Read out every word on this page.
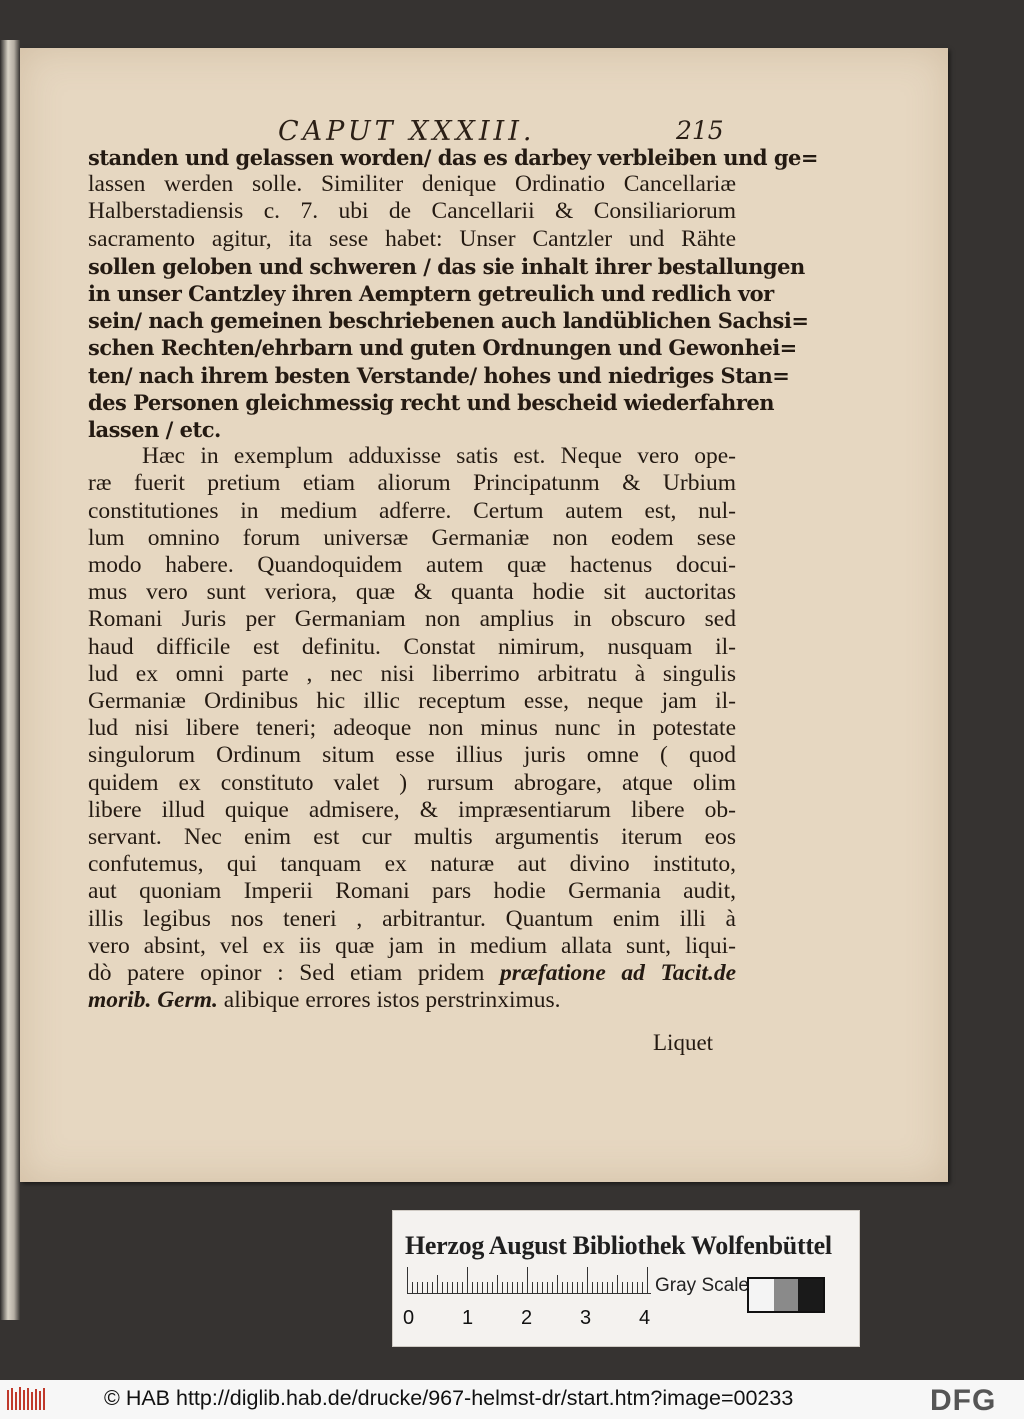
CAPUT XXXIII.	215
standen und gelassen worden/ das es darbey verbleiben und ge=
lassen werden solle. Similiter denique Ordinatio Cancellariæ
Halberstadiensis c. 7. ubi de Cancellarii & Consiliariorum
sacramento agitur, ita sese habet: Unser Cantzler und Rähte
sollen geloben und schweren / das sie inhalt ihrer bestallungen
in unser Cantzley ihren Aemptern getreulich und redlich vor
sein/ nach gemeinen beschriebenen auch landüblichen Sachsi=
schen Rechten/ehrbarn und guten Ordnungen und Gewonhei=
ten/ nach ihrem besten Verstande/ hohes und niedriges Stan=
des Personen gleichmessig recht und bescheid wiederfahren
lassen / etc.
Hæc in exemplum adduxisse satis est. Neque vero ope-
ræ fuerit pretium etiam aliorum Principatunm & Urbium
constitutiones in medium adferre. Certum autem est, nul-
lum omnino forum universæ Germaniæ non eodem sese
modo habere. Quandoquidem autem quæ hactenus docui-
mus vero sunt veriora, quæ & quanta hodie sit auctoritas
Romani Juris per Germaniam non amplius in obscuro sed
haud difficile est definitu. Constat nimirum, nusquam il-
lud ex omni parte , nec nisi liberrimo arbitratu à singulis
Germaniæ Ordinibus hic illic receptum esse, neque jam il-
lud nisi libere teneri; adeoque non minus nunc in potestate
singulorum Ordinum situm esse illius juris omne ( quod
quidem ex constituto valet ) rursum abrogare, atque olim
libere illud quique admisere, & impræsentiarum libere ob-
servant. Nec enim est cur multis argumentis iterum eos
confutemus, qui tanquam ex naturæ aut divino instituto,
aut quoniam Imperii Romani pars hodie Germania audit,
illis legibus nos teneri , arbitrantur. Quantum enim illi à
vero absint, vel ex iis quæ jam in medium allata sunt, liqui-
dò patere opinor : Sed etiam pridem præfatione ad Tacit.de
morib. Germ. alibique errores istos perstrinximus.
Liquet
Herzog August Bibliothek Wolfenbüttel
0 1 2 3 4
Gray Scale
© HAB http://diglib.hab.de/drucke/967-helmst-dr/start.htm?image=00233	DFG
